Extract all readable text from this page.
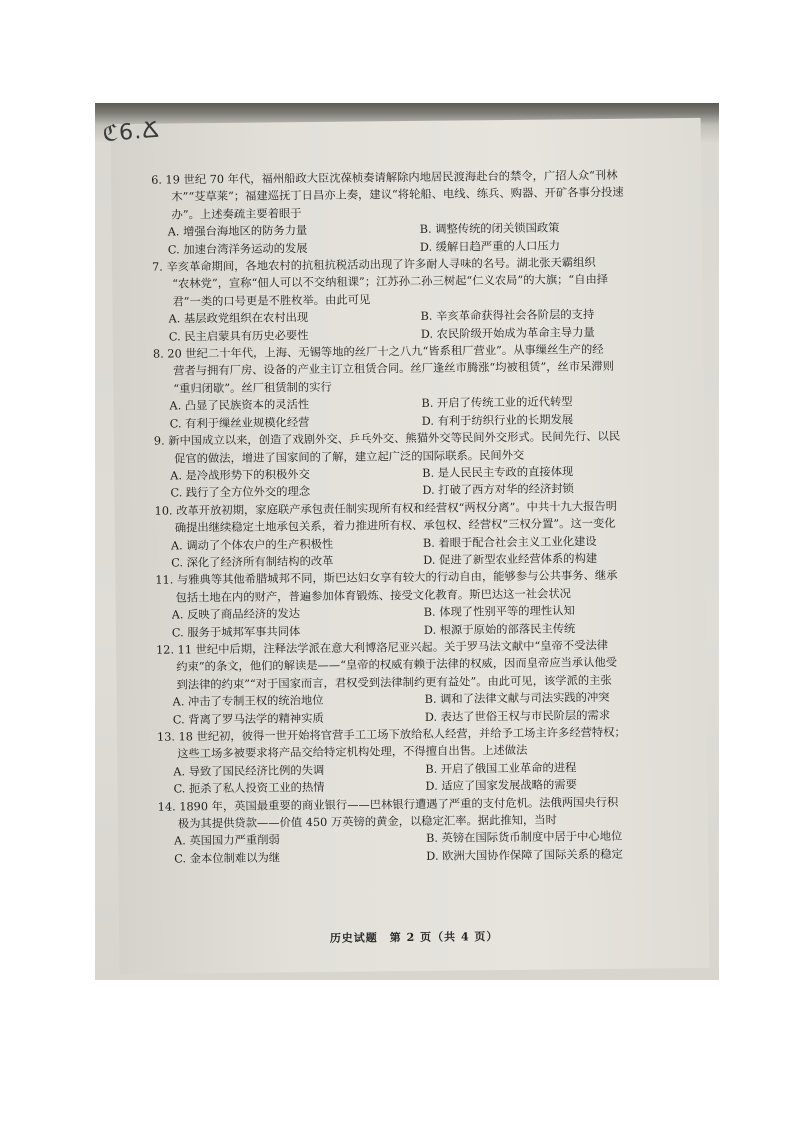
ℭ6.Ճ

6. 19 世纪 70 年代，福州船政大臣沈葆桢奏请解除内地居民渡海赴台的禁令，广招人众“刊林

木”“芟草莱”；福建巡抚丁日昌亦上奏，建议“将轮船、电线、练兵、购器、开矿各事分投速

办”。上述奏疏主要着眼于

A. 增强台海地区的防务力量	B. 调整传统的闭关锁国政策
C. 加速台湾洋务运动的发展	D. 缓解日趋严重的人口压力

7. 辛亥革命期间，各地农村的抗租抗税活动出现了许多耐人寻味的名号。湖北张天霸组织

“农林党”，宣称“佃人可以不交纳租课”；江苏孙二孙三树起“仁义农局”的大旗；“自由择

君”一类的口号更是不胜枚举。由此可见

A. 基层政党组织在农村出现	B. 辛亥革命获得社会各阶层的支持
C. 民主启蒙具有历史必要性	D. 农民阶级开始成为革命主导力量

8. 20 世纪二十年代，上海、无锡等地的丝厂十之八九“皆系租厂营业”。从事缫丝生产的经

营者与拥有厂房、设备的产业主订立租赁合同。丝厂逢丝市腾涨“均被租赁”，丝市呆滞则

“重归闭歇”。丝厂租赁制的实行

A. 凸显了民族资本的灵活性	B. 开启了传统工业的近代转型
C. 有利于缫丝业规模化经营	D. 有利于纺织行业的长期发展

9. 新中国成立以来，创造了戏剧外交、乒乓外交、熊猫外交等民间外交形式。民间先行、以民

促官的做法，增进了国家间的了解，建立起广泛的国际联系。民间外交

A. 是冷战形势下的积极外交	B. 是人民民主专政的直接体现
C. 践行了全方位外交的理念	D. 打破了西方对华的经济封锁

10. 改革开放初期，家庭联产承包责任制实现所有权和经营权“两权分离”。中共十九大报告明

确提出继续稳定土地承包关系，着力推进所有权、承包权、经营权“三权分置”。这一变化

A. 调动了个体农户的生产积极性	B. 着眼于配合社会主义工业化建设
C. 深化了经济所有制结构的改革	D. 促进了新型农业经营体系的构建

11. 与雅典等其他希腊城邦不同，斯巴达妇女享有较大的行动自由，能够参与公共事务、继承

包括土地在内的财产，普遍参加体育锻炼、接受文化教育。斯巴达这一社会状况

A. 反映了商品经济的发达	B. 体现了性别平等的理性认知
C. 服务于城邦军事共同体	D. 根源于原始的部落民主传统

12. 11 世纪中后期，注释法学派在意大利博洛尼亚兴起。关于罗马法文献中“皇帝不受法律

约束”的条文，他们的解读是——“皇帝的权威有赖于法律的权威，因而皇帝应当承认他受

到法律的约束”“对于国家而言，君权受到法律制约更有益处”。由此可见，该学派的主张

A. 冲击了专制王权的统治地位	B. 调和了法律文献与司法实践的冲突
C. 背离了罗马法学的精神实质	D. 表达了世俗王权与市民阶层的需求

13. 18 世纪初，彼得一世开始将官营手工工场下放给私人经营，并给予工场主许多经营特权；

这些工场多被要求将产品交给特定机构处理，不得擅自出售。上述做法

A. 导致了国民经济比例的失调	B. 开启了俄国工业革命的进程
C. 扼杀了私人投资工业的热情	D. 适应了国家发展战略的需要

14. 1890 年，英国最重要的商业银行——巴林银行遭遇了严重的支付危机。法俄两国央行积

极为其提供贷款——价值 450 万英镑的黄金，以稳定汇率。据此推知，当时

A. 英国国力严重削弱	B. 英镑在国际货币制度中居于中心地位
C. 金本位制难以为继	D. 欧洲大国协作保障了国际关系的稳定
历史试题　第 2 页（共 4 页）
